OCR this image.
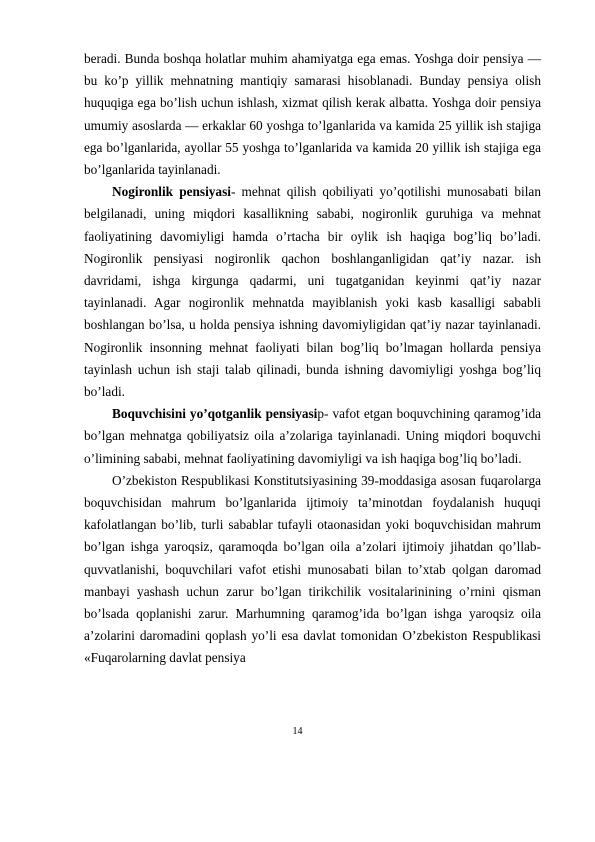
beradi. Bunda boshqa holatlar muhim ahamiyatga ega emas. Yoshga doir pensiya — bu ko’p yillik mehnatning mantiqiy samarasi hisoblanadi. Bunday pensiya olish huquqiga ega bo’lish uchun ishlash, xizmat qilish kerak albatta. Yoshga doir pensiya umumiy asoslarda — erkaklar 60 yoshga to’lganlarida va kamida 25 yillik ish stajiga ega bo’lganlarida, ayollar 55 yoshga to’lganlarida va kamida 20 yillik ish stajiga ega bo’lganlarida tayinlanadi.

Nogironlik pensiyasi- mehnat qilish qobiliyati yo’qotilishi munosabati bilan belgilanadi, uning miqdori kasallikning sababi, nogironlik guruhiga va mehnat faoliyatining davomiyligi hamda o’rtacha bir oylik ish haqiga bog’liq bo’ladi. Nogironlik pensiyasi nogironlik qachon boshlanganligidan qat’iy nazar. ish davridami, ishga kirgunga qadarmi, uni tugatganidan keyinmi qat’iy nazar tayinlanadi. Agar nogironlik mehnatda mayiblanish yoki kasb kasalligi sababli boshlangan bo’lsa, u holda pensiya ishning davomiyligidan qat’iy nazar tayinlanadi. Nogironlik insonning mehnat faoliyati bilan bog’liq bo’lmagan hollarda pensiya tayinlash uchun ish staji talab qilinadi, bunda ishning davomiyligi yoshga bog’liq bo’ladi.

Boquvchisini yo’qotganlik pensiyasip- vafot etgan boquvchining qaramog’ida bo’lgan mehnatga qobiliyatsiz oila a’zolariga tayinlanadi. Uning miqdori boquvchi o’limining sababi, mehnat faoliyatining davomiyligi va ish haqiga bog’liq bo’ladi.

O’zbekiston Respublikasi Konstitutsiyasining 39-moddasiga asosan fuqarolarga boquvchisidan mahrum bo’lganlarida ijtimoiy ta’minotdan foydalanish huquqi kafolatlangan bo’lib, turli sabablar tufayli otaonasidan yoki boquvchisidan mahrum bo’lgan ishga yaroqsiz, qaramoqda bo’lgan oila a’zolari ijtimoiy jihatdan qo’llab-quvvatlanishi, boquvchilari vafot etishi munosabati bilan to’xtab qolgan daromad manbayi yashash uchun zarur bo’lgan tirikchilik vositalarinining o’rnini qisman bo’lsada qoplanishi zarur. Marhumning qaramog’ida bo’lgan ishga yaroqsiz oila a’zolarini daromadini qoplash yo’li esa davlat tomonidan O’zbekiston Respublikasi «Fuqarolarning davlat pensiya

14
